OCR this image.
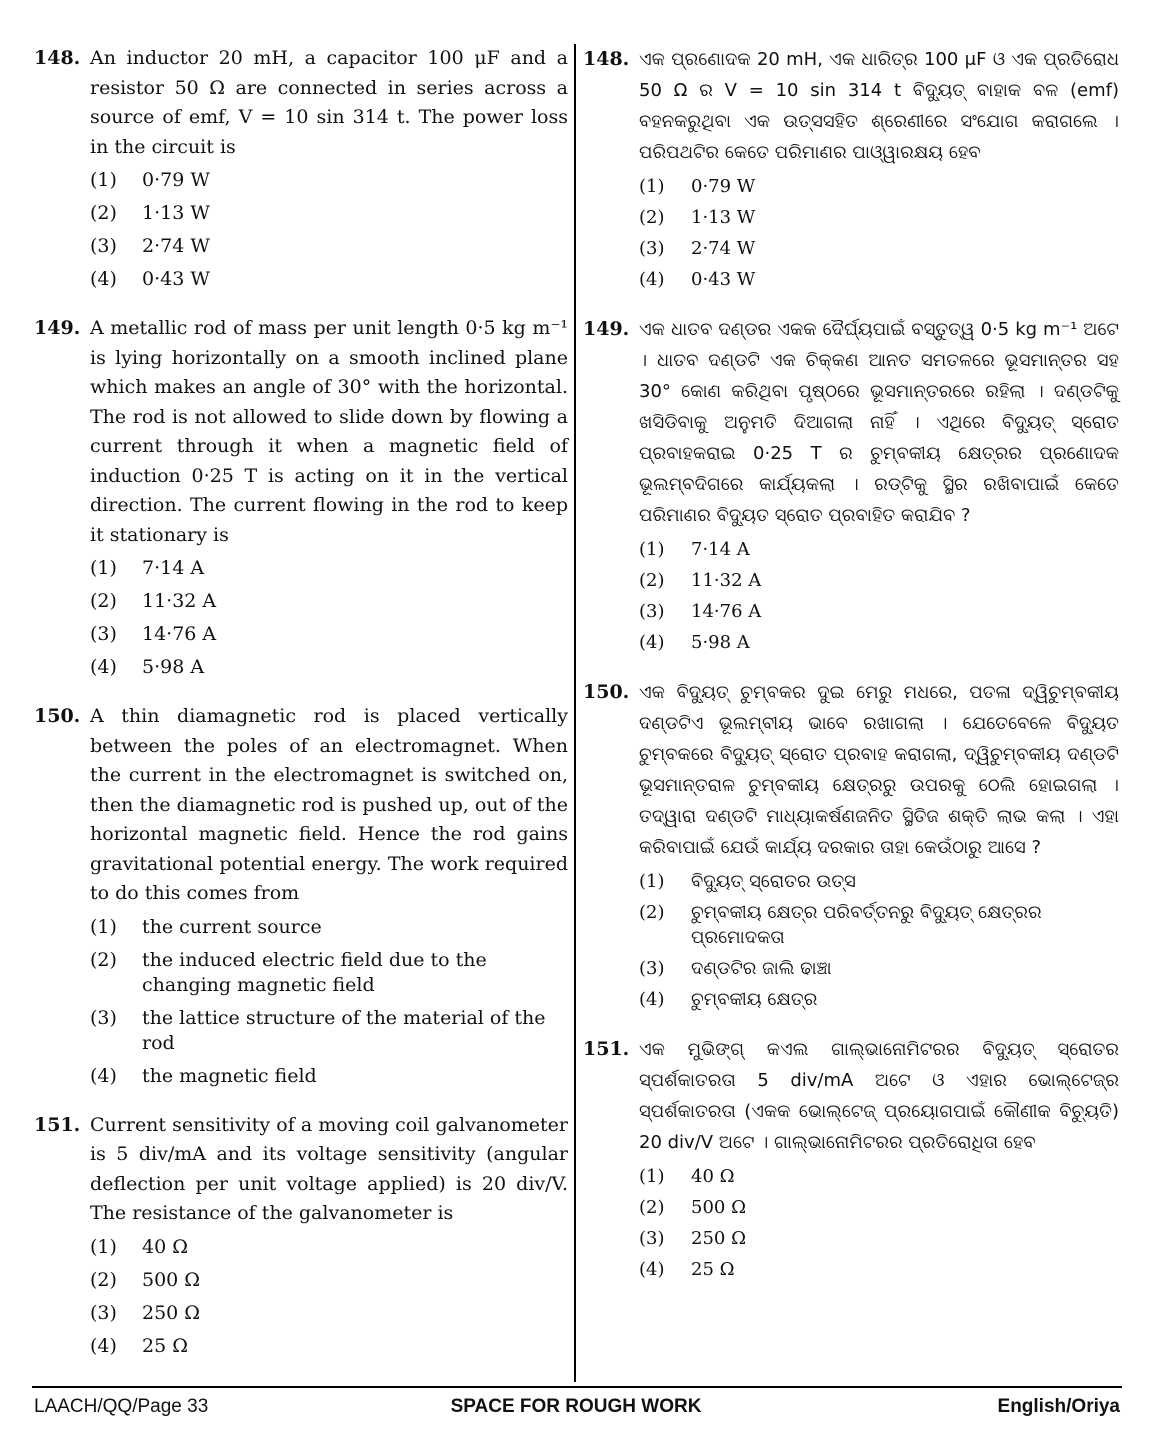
148. An inductor 20 mH, a capacitor 100 μF and a resistor 50 Ω are connected in series across a source of emf, V = 10 sin 314 t. The power loss in the circuit is

(1) 0·79 W
(2) 1·13 W
(3) 2·74 W
(4) 0·43 W
149. A metallic rod of mass per unit length 0·5 kg m⁻¹ is lying horizontally on a smooth inclined plane which makes an angle of 30° with the horizontal. The rod is not allowed to slide down by flowing a current through it when a magnetic field of induction 0·25 T is acting on it in the vertical direction. The current flowing in the rod to keep it stationary is

(1) 7·14 A
(2) 11·32 A
(3) 14·76 A
(4) 5·98 A
150. A thin diamagnetic rod is placed vertically between the poles of an electromagnet. When the current in the electromagnet is switched on, then the diamagnetic rod is pushed up, out of the horizontal magnetic field. Hence the rod gains gravitational potential energy. The work required to do this comes from

(1) the current source
(2) the induced electric field due to the changing magnetic field
(3) the lattice structure of the material of the rod
(4) the magnetic field
151. Current sensitivity of a moving coil galvanometer is 5 div/mA and its voltage sensitivity (angular deflection per unit voltage applied) is 20 div/V. The resistance of the galvanometer is

(1) 40 Ω
(2) 500 Ω
(3) 250 Ω
(4) 25 Ω
148. ଏକ ପ୍ରଣୋଦକ 20 mH, ଏକ ଧାରିତ୍ର 100 μF ଓ ଏକ ପ୍ରତିରୋଧ 50 Ω ର V = 10 sin 314 t ବିଦ୍ୟୁତ୍ ବାହାକ ବଳ (emf) ବହନକରୁଥିବା ଏକ ଉତ୍ସସହିତ ଶ୍ରେଣୀରେ ସଂଯୋଗ କରାଗଲେ । ପରିପଥଟିର କେତେ ପରିମାଣର ପାଓ୍ୱାରକ୍ଷୟ ହେବ

(1) 0·79 W
(2) 1·13 W
(3) 2·74 W
(4) 0·43 W
149. ଏକ ଧାତବ ଦଣ୍ଡର ଏକକ ଦୈର୍ଘ୍ୟପାଇଁ ବସ୍ତୁତ୍ୱ 0·5 kg m⁻¹ ଅଟେ । ଧାତବ ଦଣ୍ଡଟି ଏକ ଚିକ୍କଣ ଆନତ ସମତଳରେ ଭୂସମାନ୍ତର ସହ 30° କୋଣ କରିଥିବା ପୃଷ୍ଠରେ ଭୂସମାନ୍ତରରେ ରହିଲା । ଦଣ୍ଡଟିକୁ ଖସିଡିବାକୁ ଅନୁମତି ଦିଆଗଲା ନାହିଁ । ଏଥିରେ ବିଦ୍ୟୁତ୍ ସ୍ରୋତ ପ୍ରବାହକରାଇ 0·25 T ର ଚୁମ୍ବକୀୟ କ୍ଷେତ୍ରର ପ୍ରଣୋଦକ ଭୂଲମ୍ବଦିଗରେ କାର୍ଯ୍ୟକଲା । ରଡ୍‌ଟିକୁ ସ୍ଥିର ରଖିବାପାଇଁ କେତେ ପରିମାଣର ବିଦ୍ୟୁତ ସ୍ରୋତ ପ୍ରବାହିତ କରାଯିବ ?

(1) 7·14 A
(2) 11·32 A
(3) 14·76 A
(4) 5·98 A
150. ଏକ ବିଦ୍ୟୁତ୍ ଚୁମ୍ବକର ଦୁଇ ମେରୁ ମଧରେ, ପତଳା ଦ୍ୱିଚୁମ୍ବକୀୟ ଦଣ୍ଡଟିଏ ଭୂଲମ୍ବୀୟ ଭାବେ ରଖାଗଲା । ଯେତେବେଳେ ବିଦ୍ୟୁତ ଚୁମ୍ବକରେ ବିଦ୍ୟୁତ୍ ସ୍ରୋତ ପ୍ରବାହ କରାଗଲା, ଦ୍ୱିଚୁମ୍ବକୀୟ ଦଣ୍ଡଟି ଭୂସମାନ୍ତରାଳ ଚୁମ୍ବକୀୟ କ୍ଷେତ୍ରରୁ ଉପରକୁ ଠେଲି ହୋଇଗଲା । ତଦ୍ୱାରା ଦଣ୍ଡଟି ମାଧ୍ୟାକର୍ଷଣଜନିତ ସ୍ଥିତିଜ ଶକ୍ତି ଲାଭ କଲା । ଏହା କରିବାପାଇଁ ଯେଉଁ କାର୍ଯ୍ୟ ଦରକାର ତାହା କେଉଁଠାରୁ ଆସେ ?

(1) ବିଦ୍ୟୁତ୍ ସ୍ରୋତର ଉତ୍ସ
(2) ଚୁମ୍ବକୀୟ କ୍ଷେତ୍ର ପରିବର୍ତ୍ତନରୁ ବିଦ୍ୟୁତ୍ କ୍ଷେତ୍ରର ପ୍ରମୋଦକତା
(3) ଦଣ୍ଡଟିର ଜାଲି ଢାଞ୍ଚା
(4) ଚୁମ୍ବକୀୟ କ୍ଷେତ୍ର
151. ଏକ ମୁଭିଙ୍ଗ୍ କଏଲ ଗାଲ୍‌ଭାନୋମିଟରର ବିଦ୍ୟୁତ୍ ସ୍ରୋତର ସ୍ପର୍ଶକାତରତା 5 div/mA ଅଟେ ଓ ଏହାର ଭୋଲ୍‌ଟେଜ୍‌ର ସ୍ପର୍ଶକାତରତା (ଏକକ ଭୋଲ୍‌ଟେଜ୍ ପ୍ରୟୋଗପାଇଁ କୌଣୀକ ବିଚ୍ୟୁତି) 20 div/V ଅଟେ । ଗାଲ୍‌ଭାନୋମିଟରର ପ୍ରତିରୋଧିତା ହେବ

(1) 40 Ω
(2) 500 Ω
(3) 250 Ω
(4) 25 Ω
LAACH/QQ/Page 33	SPACE FOR ROUGH WORK	English/Oriya
